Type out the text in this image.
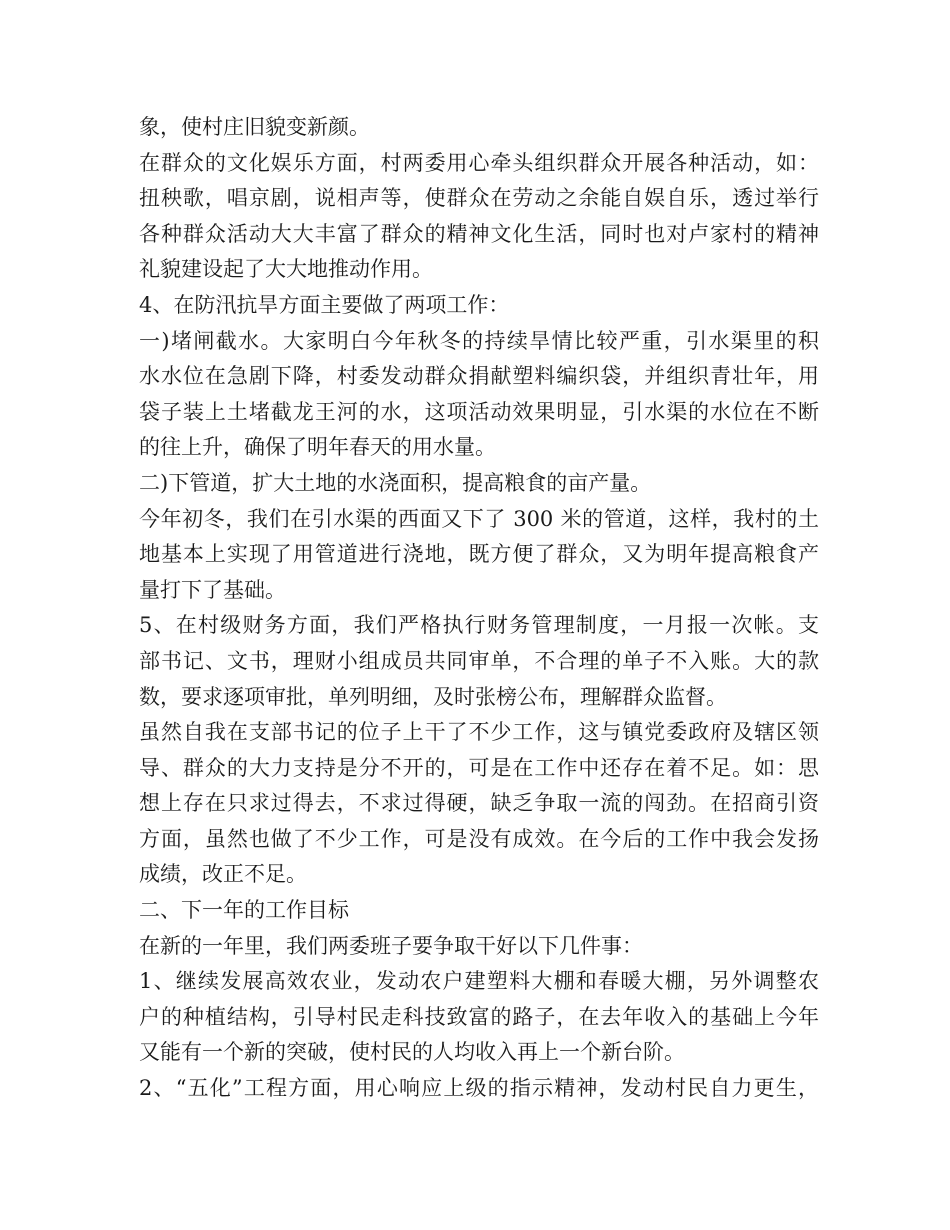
象，使村庄旧貌变新颜。
在群众的文化娱乐方面，村两委用心牵头组织群众开展各种活动，如：
扭秧歌，唱京剧，说相声等，使群众在劳动之余能自娱自乐，透过举行
各种群众活动大大丰富了群众的精神文化生活，同时也对卢家村的精神
礼貌建设起了大大地推动作用。
4、在防汛抗旱方面主要做了两项工作：
一)堵闸截水。大家明白今年秋冬的持续旱情比较严重，引水渠里的积
水水位在急剧下降，村委发动群众捐献塑料编织袋，并组织青壮年，用
袋子装上土堵截龙王河的水，这项活动效果明显，引水渠的水位在不断
的往上升，确保了明年春天的用水量。
二)下管道，扩大土地的水浇面积，提高粮食的亩产量。
今年初冬，我们在引水渠的西面又下了 300 米的管道，这样，我村的土
地基本上实现了用管道进行浇地，既方便了群众，又为明年提高粮食产
量打下了基础。
5、在村级财务方面，我们严格执行财务管理制度，一月报一次帐。支
部书记、文书，理财小组成员共同审单，不合理的单子不入账。大的款
数，要求逐项审批，单列明细，及时张榜公布，理解群众监督。
虽然自我在支部书记的位子上干了不少工作，这与镇党委政府及辖区领
导、群众的大力支持是分不开的，可是在工作中还存在着不足。如：思
想上存在只求过得去，不求过得硬，缺乏争取一流的闯劲。在招商引资
方面，虽然也做了不少工作，可是没有成效。在今后的工作中我会发扬
成绩，改正不足。
二、下一年的工作目标
在新的一年里，我们两委班子要争取干好以下几件事：
1、继续发展高效农业，发动农户建塑料大棚和春暖大棚，另外调整农
户的种植结构，引导村民走科技致富的路子，在去年收入的基础上今年
又能有一个新的突破，使村民的人均收入再上一个新台阶。
2、“五化”工程方面，用心响应上级的指示精神，发动村民自力更生，
